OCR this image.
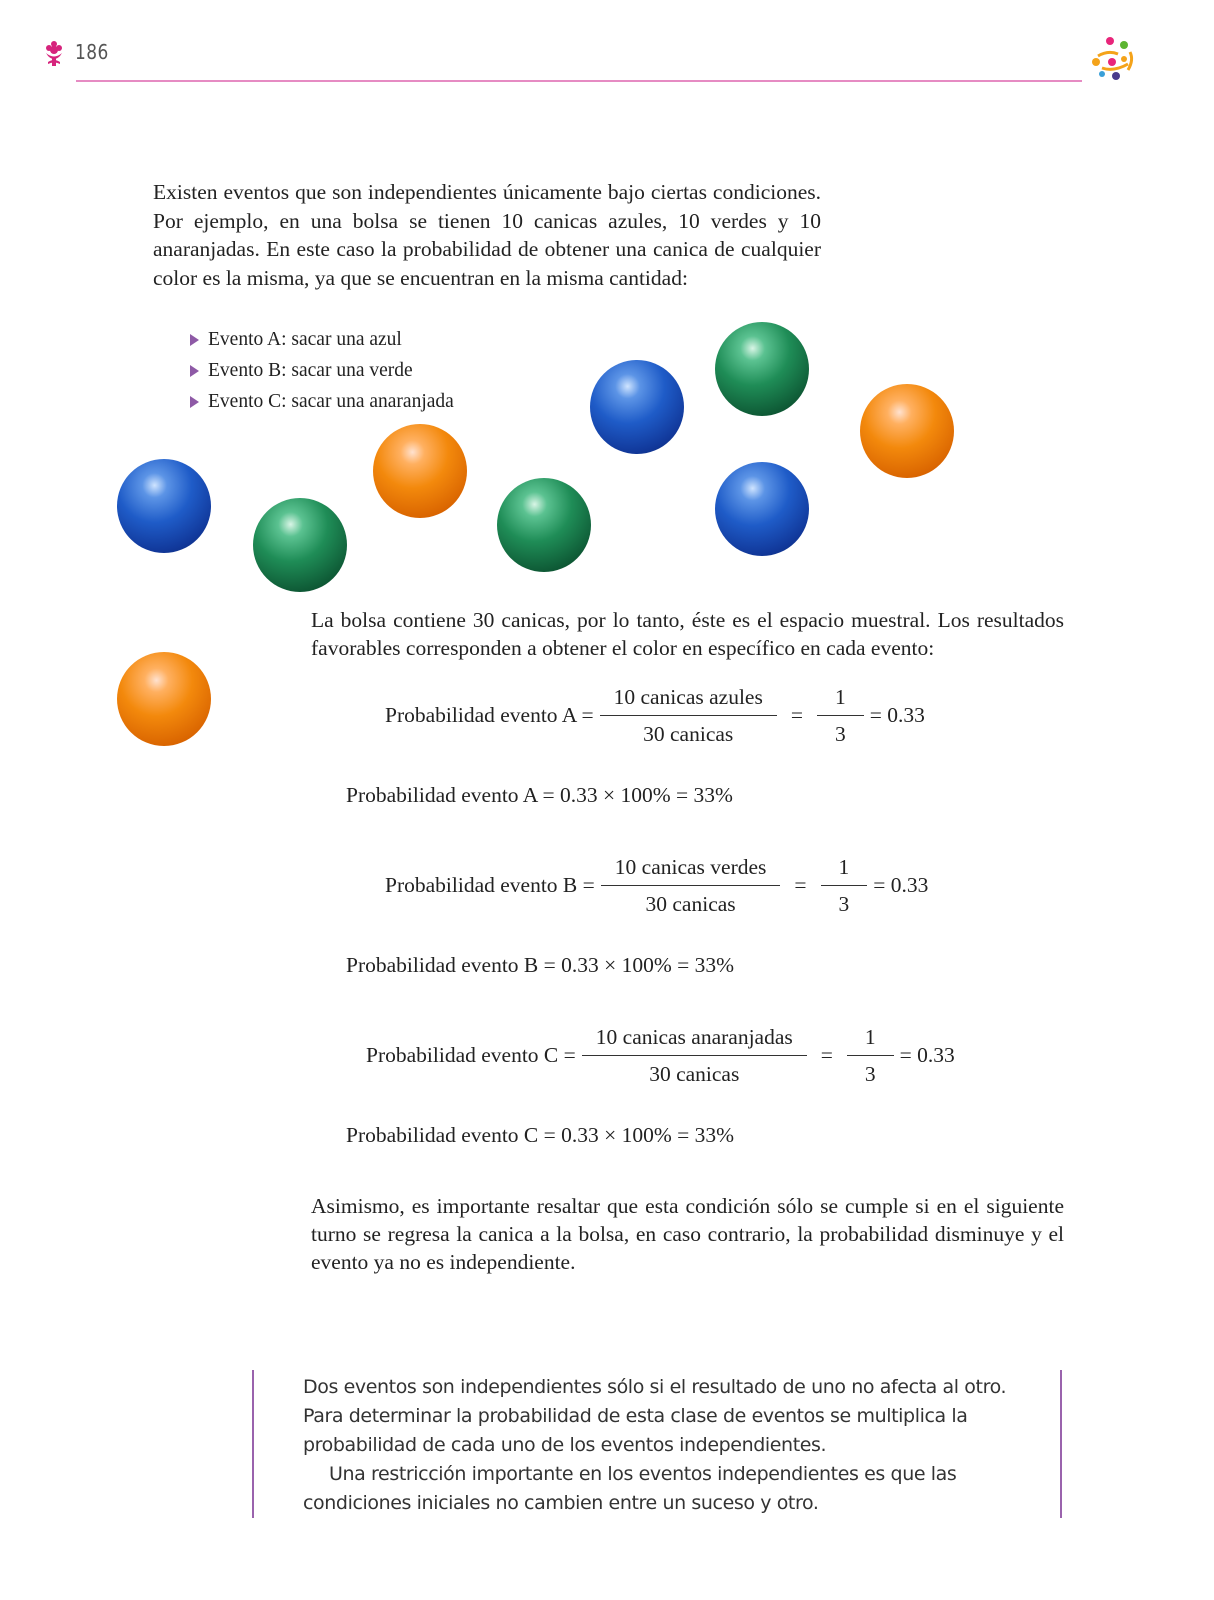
186

Existen eventos que son independientes únicamente bajo ciertas condiciones. Por ejemplo, en una bolsa se tienen 10 canicas azules, 10 verdes y 10 anaranjadas. En este caso la probabilidad de obtener una canica de cualquier color es la misma, ya que se encuentran en la misma cantidad:

Evento A: sacar una azul
Evento B: sacar una verde
Evento C: sacar una anaranjada

La bolsa contiene 30 canicas, por lo tanto, éste es el espacio muestral. Los resultados favorables corresponden a obtener el color en específico en cada evento:

Probabilidad evento $A = \frac{\text{10 canicas azules}}{\text{30 canicas}} = \frac{1}{3} = 0.33$
Probabilidad evento A = 0.33 × 100% = 33%
Probabilidad evento $B = \frac{\text{10 canicas verdes}}{\text{30 canicas}} = \frac{1}{3} = 0.33$
Probabilidad evento B = 0.33 × 100% = 33%
Probabilidad evento $C = \frac{\text{10 canicas anaranjadas}}{\text{30 canicas}} = \frac{1}{3} = 0.33$
Probabilidad evento C = 0.33 × 100% = 33%

Asimismo, es importante resaltar que esta condición sólo se cumple si en el siguiente turno se regresa la canica a la bolsa, en caso contrario, la probabilidad disminuye y el evento ya no es independiente.

Dos eventos son independientes sólo si el resultado de uno no afecta al otro. Para determinar la probabilidad de esta clase de eventos se multiplica la probabilidad de cada uno de los eventos independientes.

Una restricción importante en los eventos independientes es que las condiciones iniciales no cambien entre un suceso y otro.
